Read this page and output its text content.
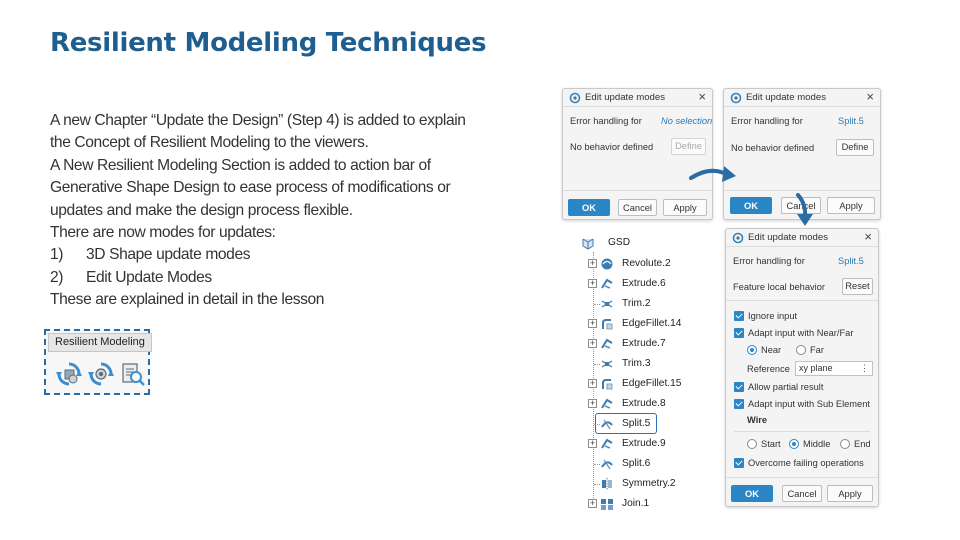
Resilient Modeling Techniques
A new Chapter “Update the Design” (Step 4) is added to explain
the Concept of Resilient Modeling to the viewers.
A New Resilient Modeling Section is added to action bar of
Generative Shape Design to ease process of modifications or
updates and make the design process flexible.
There are now modes for updates:
1) 3D Shape update modes
2) Edit Update Modes
These are explained in detail in the lesson
Resilient Modeling
Edit update modes	×
Error handling for No selection
No behavior defined	Define
OK	Cancel	Apply
Edit update modes	×
Error handling for	Split.5
No behavior defined	Define
OK	Cancel	Apply
Edit update modes	×
Error handling for	Split.5
Feature local behavior	Reset
Ignore input
Adapt input with Near/Far
Near	Far
Reference	xy plane	⋮
Allow partial result
Adapt input with Sub Element
Wire
Start Middle	End
Overcome failing operations
OK	Cancel	Apply
GSD
+	Revolute.2
+	Extrude.6
Trim.2
+	EdgeFillet.14
+	Extrude.7
Trim.3
+	EdgeFillet.15
+	Extrude.8
Split.5
+	Extrude.9
Split.6
Symmetry.2
+	Join.1
